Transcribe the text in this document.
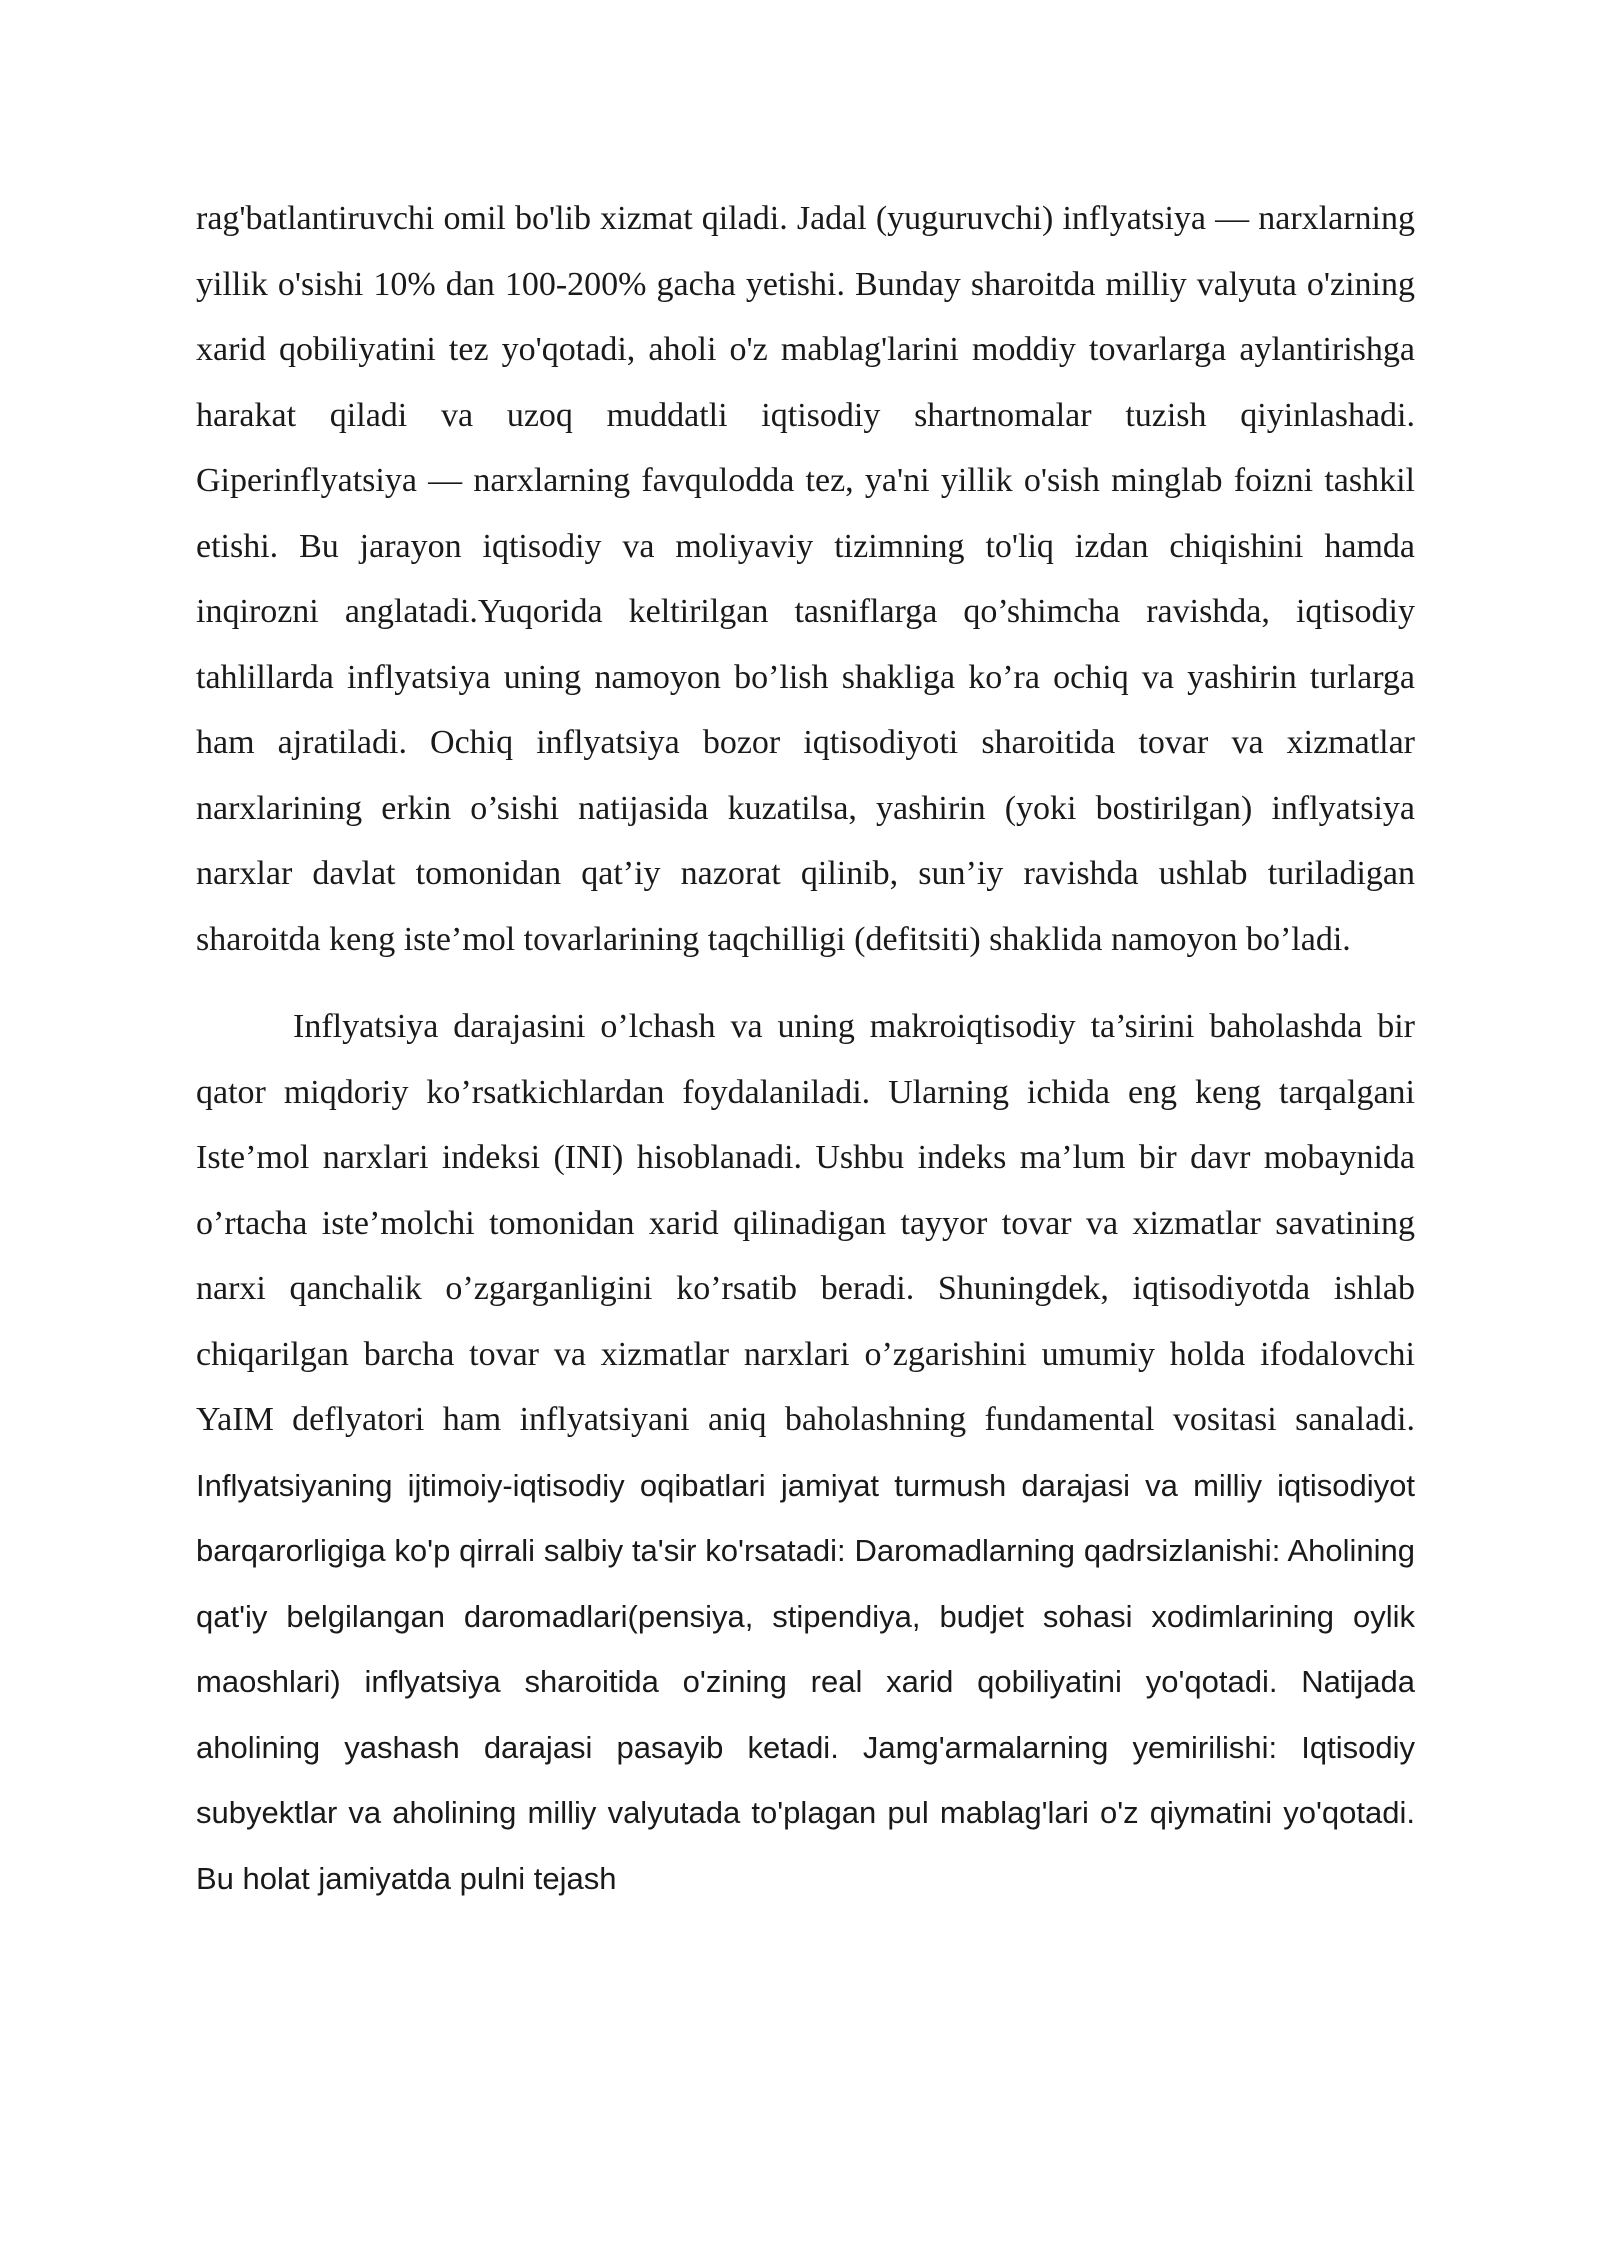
rag'batlantiruvchi omil bo'lib xizmat qiladi. Jadal (yuguruvchi) inflyatsiya — narxlarning yillik o'sishi 10% dan 100-200% gacha yetishi. Bunday sharoitda milliy valyuta o'zining xarid qobiliyatini tez yo'qotadi, aholi o'z mablag'larini moddiy tovarlarga aylantirishga harakat qiladi va uzoq muddatli iqtisodiy shartnomalar tuzish qiyinlashadi. Giperinflyatsiya — narxlarning favqulodda tez, ya'ni yillik o'sish minglab foizni tashkil etishi. Bu jarayon iqtisodiy va moliyaviy tizimning to'liq izdan chiqishini hamda inqirozni anglatadi.Yuqorida keltirilgan tasniflarga qo’shimcha ravishda, iqtisodiy tahlillarda inflyatsiya uning namoyon bo’lish shakliga ko’ra ochiq va yashirin turlarga ham ajratiladi. Ochiq inflyatsiya bozor iqtisodiyoti sharoitida tovar va xizmatlar narxlarining erkin o’sishi natijasida kuzatilsa, yashirin (yoki bostirilgan) inflyatsiya narxlar davlat tomonidan qat’iy nazorat qilinib, sun’iy ravishda ushlab turiladigan sharoitda keng iste’mol tovarlarining taqchilligi (defitsiti) shaklida namoyon bo’ladi.

Inflyatsiya darajasini o’lchash va uning makroiqtisodiy ta’sirini baholashda bir qator miqdoriy ko’rsatkichlardan foydalaniladi. Ularning ichida eng keng tarqalgani Iste’mol narxlari indeksi (INI) hisoblanadi. Ushbu indeks ma’lum bir davr mobaynida o’rtacha iste’molchi tomonidan xarid qilinadigan tayyor tovar va xizmatlar savatining narxi qanchalik o’zgarganligini ko’rsatib beradi. Shuningdek, iqtisodiyotda ishlab chiqarilgan barcha tovar va xizmatlar narxlari o’zgarishini umumiy holda ifodalovchi YaIM deflyatori ham inflyatsiyani aniq baholashning fundamental vositasi sanaladi. Inflyatsiyaning ijtimoiy-iqtisodiy oqibatlari jamiyat turmush darajasi va milliy iqtisodiyot barqarorligiga ko'p qirrali salbiy ta'sir ko'rsatadi: Daromadlarning qadrsizlanishi: Aholining qat'iy belgilangan daromadlari(pensiya, stipendiya, budjet sohasi xodimlarining oylik maoshlari) inflyatsiya sharoitida o'zining real xarid qobiliyatini yo'qotadi. Natijada aholining yashash darajasi pasayib ketadi. Jamg'armalarning yemirilishi: Iqtisodiy subyektlar va aholining milliy valyutada to'plagan pul mablag'lari o'z qiymatini yo'qotadi. Bu holat jamiyatda pulni tejash
